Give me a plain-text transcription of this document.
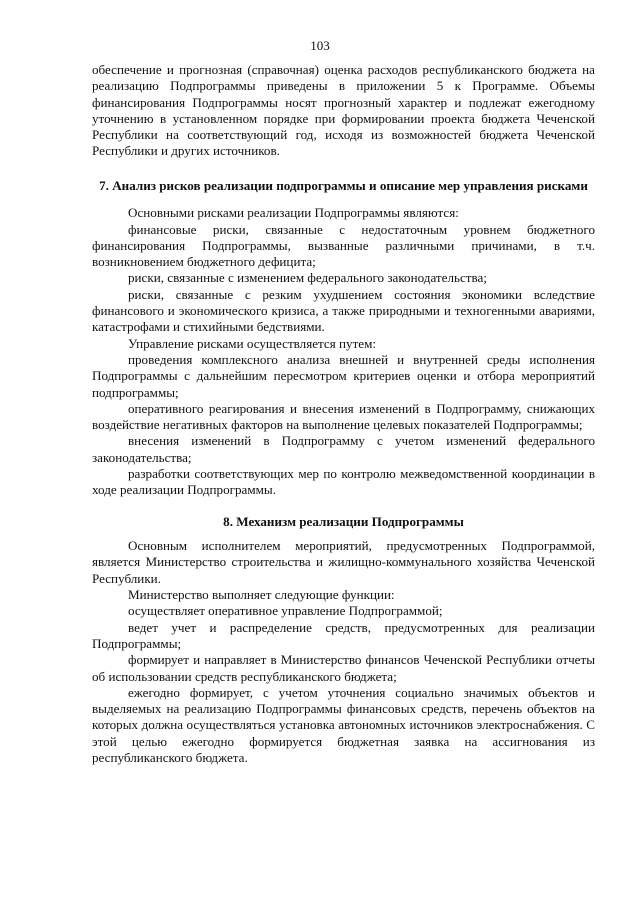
103

обеспечение и прогнозная (справочная) оценка расходов республиканского бюджета на реализацию Подпрограммы приведены в приложении 5 к Программе. Объемы финансирования Подпрограммы носят прогнозный характер и подлежат ежегодному уточнению в установленном порядке при формировании проекта бюджета Чеченской Республики на соответствующий год, исходя из возможностей бюджета Чеченской Республики и других источников.

7. Анализ рисков реализации подпрограммы и описание мер управления рисками

Основными рисками реализации Подпрограммы являются:

финансовые риски, связанные с недостаточным уровнем бюджетного финансирования Подпрограммы, вызванные различными причинами, в т.ч. возникновением бюджетного дефицита;

риски, связанные с изменением федерального законодательства;

риски, связанные с резким ухудшением состояния экономики вследствие финансового и экономического кризиса, а также природными и техногенными авариями, катастрофами и стихийными бедствиями.

Управление рисками осуществляется путем:

проведения комплексного анализа внешней и внутренней среды исполнения Подпрограммы с дальнейшим пересмотром критериев оценки и отбора мероприятий подпрограммы;

оперативного реагирования и внесения изменений в Подпрограмму, снижающих воздействие негативных факторов на выполнение целевых показателей Подпрограммы;

внесения изменений в Подпрограмму с учетом изменений федерального законодательства;

разработки соответствующих мер по контролю межведомственной координации в ходе реализации Подпрограммы.

8. Механизм реализации Подпрограммы

Основным исполнителем мероприятий, предусмотренных Подпрограммой, является Министерство строительства и жилищно-коммунального хозяйства Чеченской Республики.

Министерство выполняет следующие функции:

осуществляет оперативное управление Подпрограммой;

ведет учет и распределение средств, предусмотренных для реализации Подпрограммы;

формирует и направляет в Министерство финансов Чеченской Республики отчеты об использовании средств республиканского бюджета;

ежегодно формирует, с учетом уточнения социально значимых объектов и выделяемых на реализацию Подпрограммы финансовых средств, перечень объектов на которых должна осуществляться установка автономных источников электроснабжения. С этой целью ежегодно формируется бюджетная заявка на ассигнования из республиканского бюджета.
